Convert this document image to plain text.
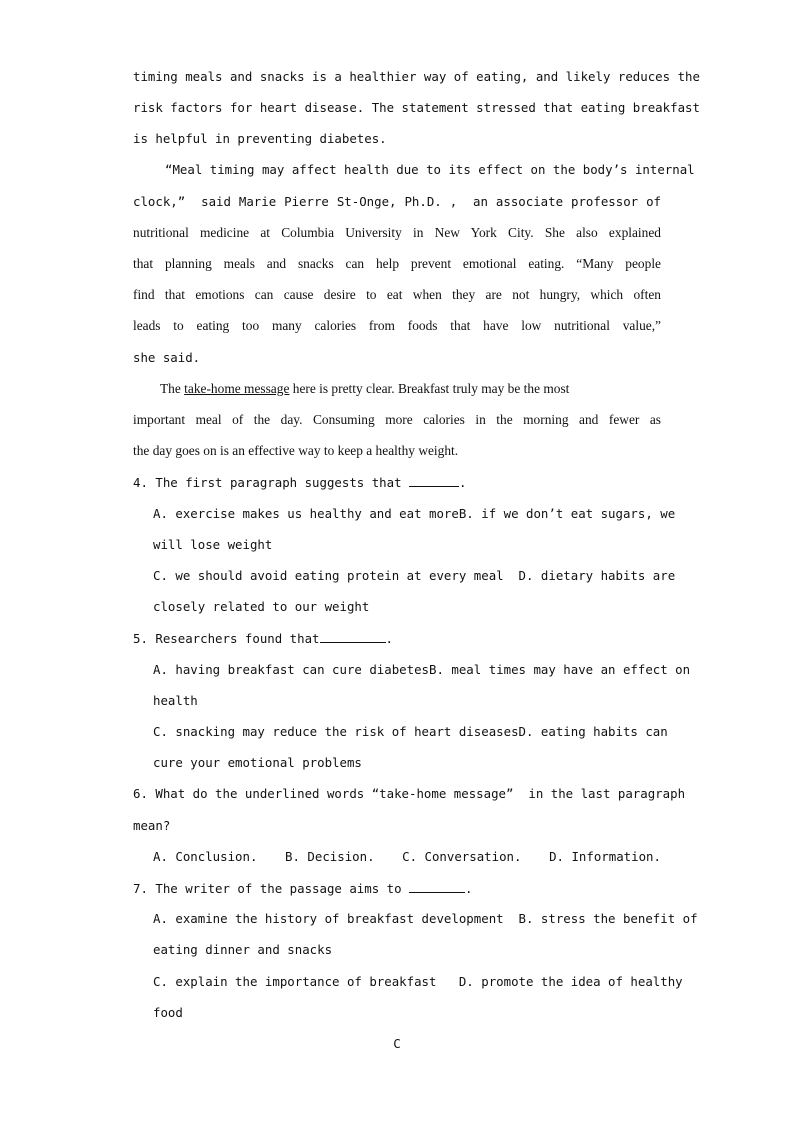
timing meals and snacks is a healthier way of eating, and likely reduces the
risk factors for heart disease. The statement stressed that eating breakfast
is helpful in preventing diabetes.
“Meal timing may affect health due to its effect on the body’s internal
clock,”  said Marie Pierre St-Onge, Ph.D. ,  an associate professor of
nutritional medicine at Columbia University in New York City. She also explained
that planning meals and snacks can help prevent emotional eating. “Many people
find that emotions can cause desire to eat when they are not hungry, which often
leads to eating too many calories from foods that have low nutritional value,”
she said.
The take-home message here is pretty clear. Breakfast truly may be the most
important meal of the day. Consuming more calories in the morning and fewer as
the day goes on is an effective way to keep a healthy weight.
4. The first paragraph suggests that	.
A. exercise makes us healthy and eat moreB. if we don’t eat sugars, we
will lose weight
C. we should avoid eating protein at every meal  D. dietary habits are
closely related to our weight
5. Researchers found that	.
A. having breakfast can cure diabetesB. meal times may have an effect on
health
C. snacking may reduce the risk of heart diseasesD. eating habits can
cure your emotional problems
6. What do the underlined words “take-home message”  in the last paragraph
mean?
A. Conclusion. B. Decision. C. Conversation. D. Information.
7. The writer of the passage aims to	.
A. examine the history of breakfast development  B. stress the benefit of
eating dinner and snacks
C. explain the importance of breakfast   D. promote the idea of healthy
food
C
